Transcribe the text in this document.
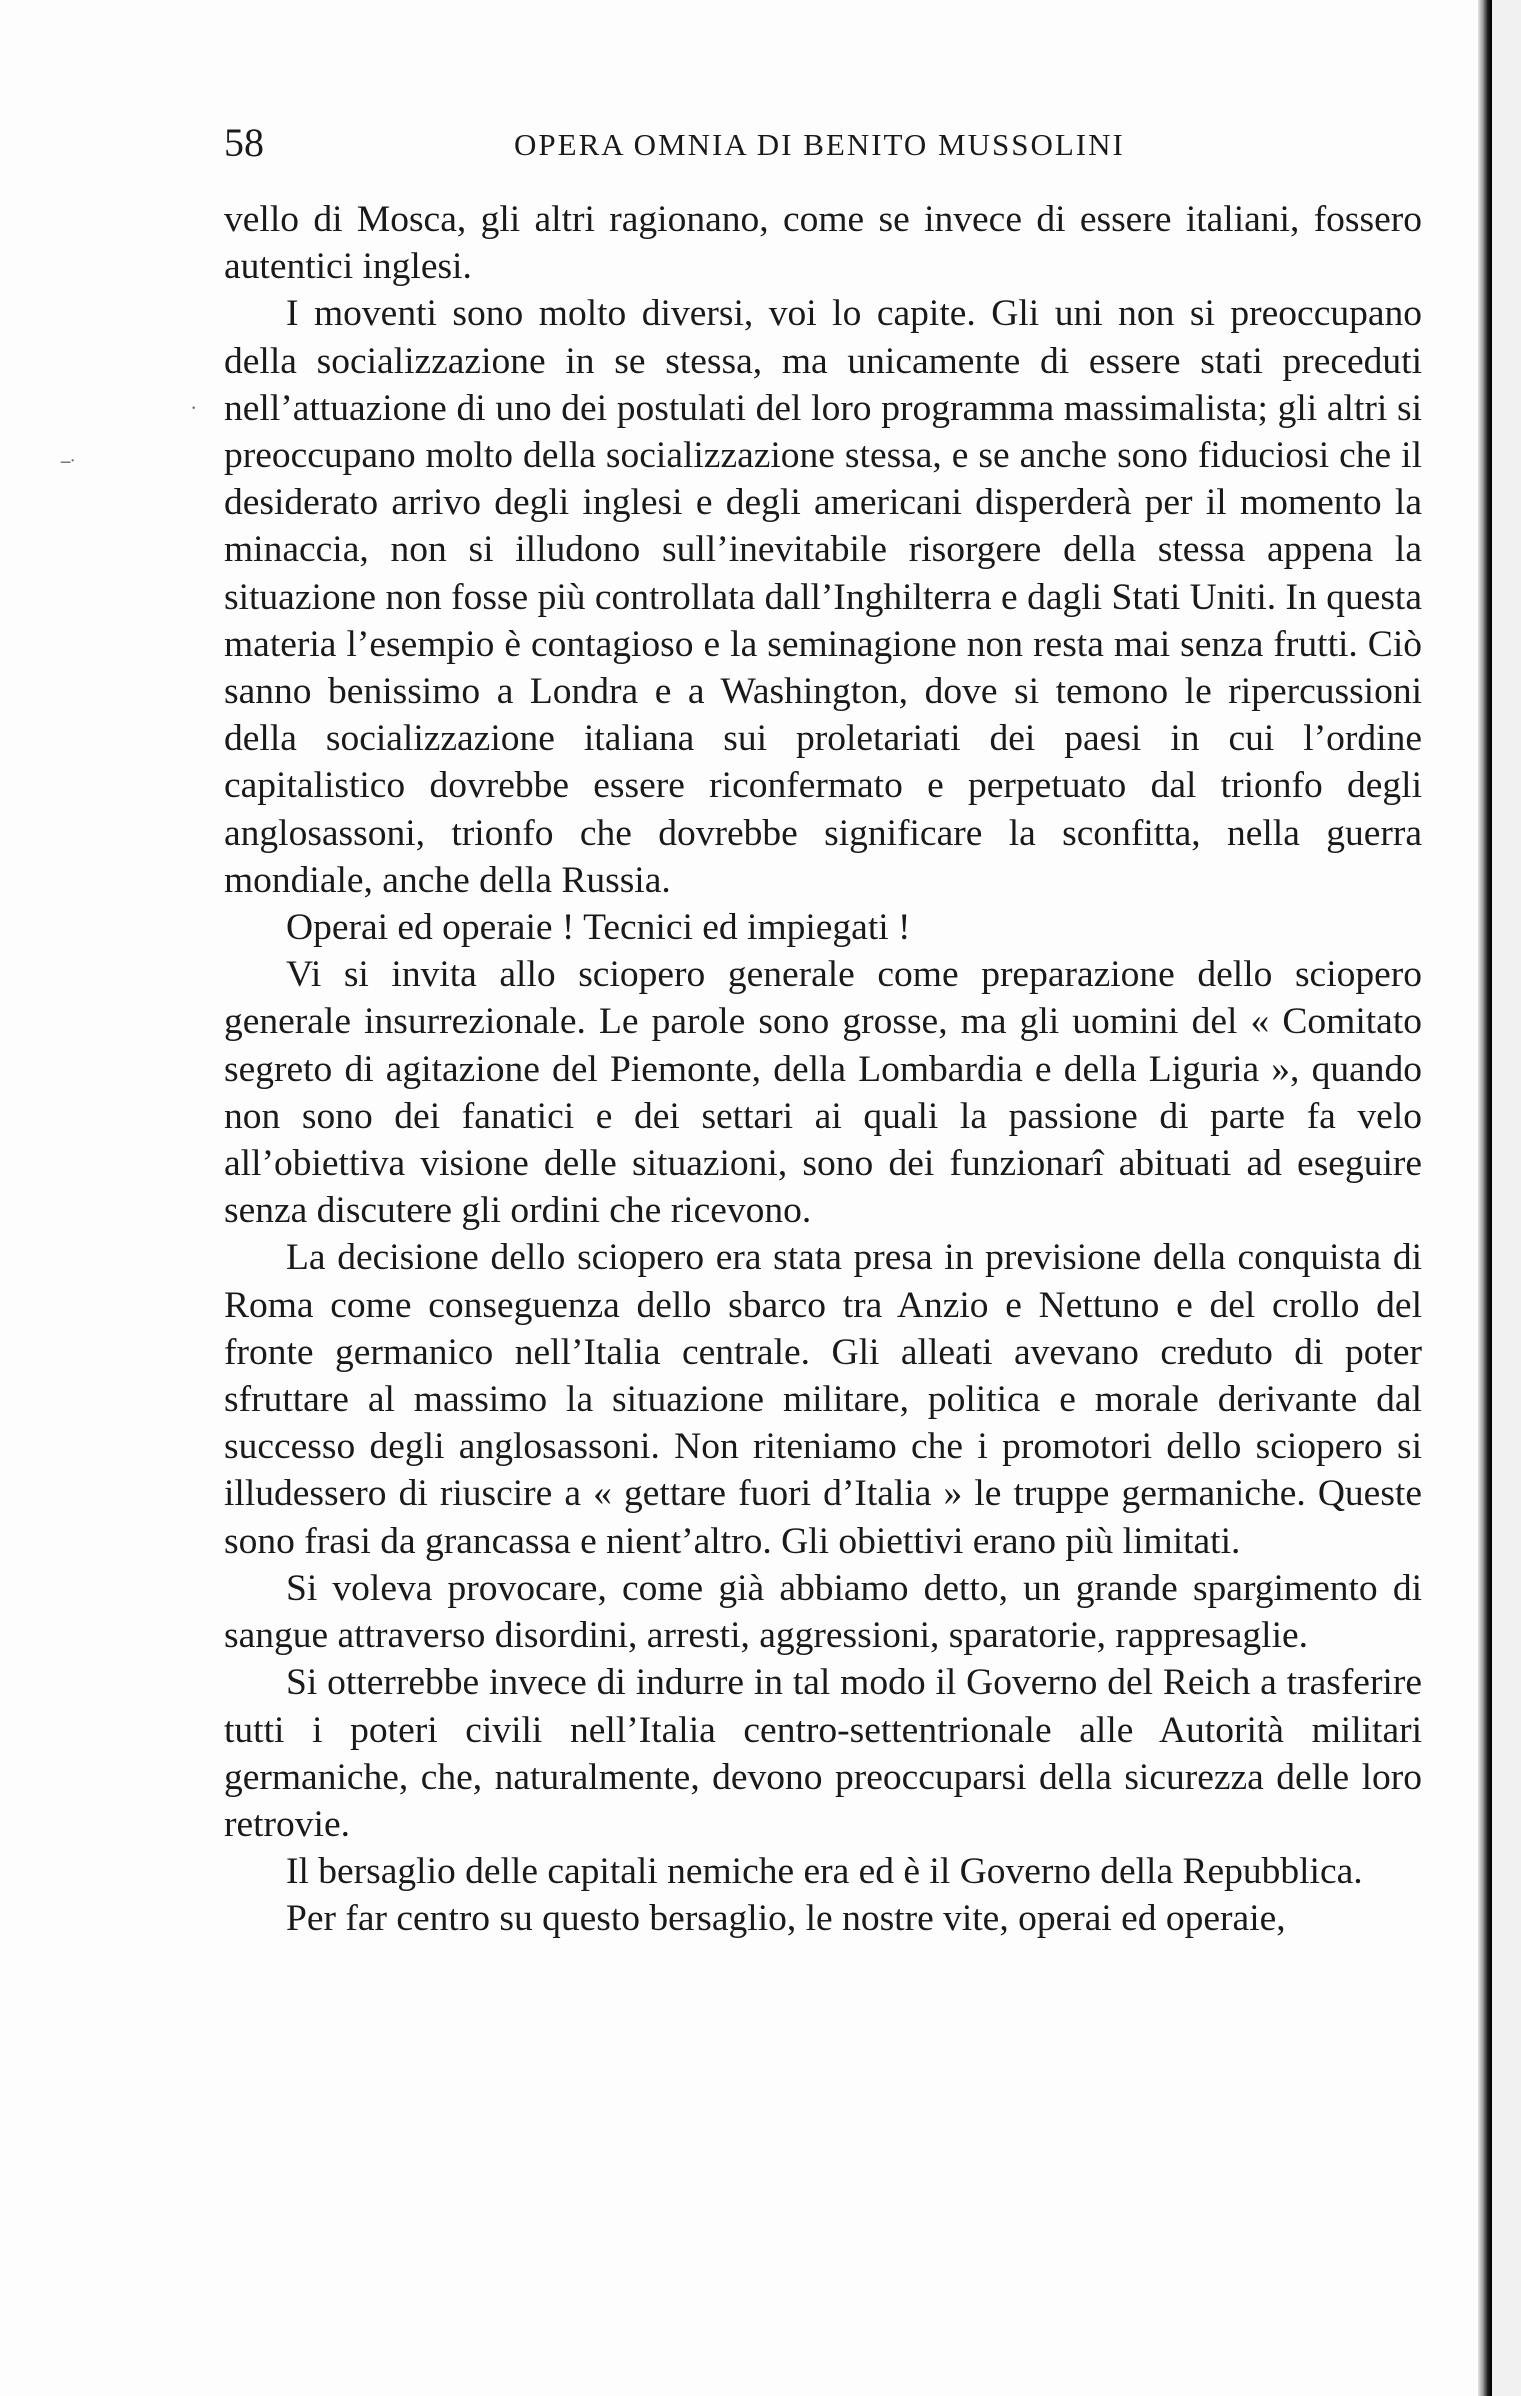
58	OPERA OMNIA DI BENITO MUSSOLINI
·
--·

vello di Mosca, gli altri ragionano, come se invece di essere italiani, fossero autentici inglesi.

I moventi sono molto diversi, voi lo capite. Gli uni non si preoccupano della socializzazione in se stessa, ma unicamente di essere stati preceduti nell’attuazione di uno dei postulati del loro programma massimalista; gli altri si preoccupano molto della socializzazione stessa, e se anche sono fiduciosi che il desiderato arrivo degli inglesi e degli americani disperderà per il momento la minaccia, non si illudono sull’inevitabile risorgere della stessa appena la situazione non fosse più controllata dall’Inghilterra e dagli Stati Uniti. In questa materia l’esempio è contagioso e la seminagione non resta mai senza frutti. Ciò sanno benissimo a Londra e a Washington, dove si temono le ripercussioni della socializzazione italiana sui proletariati dei paesi in cui l’ordine capitalistico dovrebbe essere riconfermato e perpetuato dal trionfo degli anglosassoni, trionfo che dovrebbe significare la sconfitta, nella guerra mondiale, anche della Russia.

Operai ed operaie ! Tecnici ed impiegati !

Vi si invita allo sciopero generale come preparazione dello sciopero generale insurrezionale. Le parole sono grosse, ma gli uomini del « Comitato segreto di agitazione del Piemonte, della Lombardia e della Liguria », quando non sono dei fanatici e dei settari ai quali la passione di parte fa velo all’obiettiva visione delle situazioni, sono dei funzionarî abituati ad eseguire senza discutere gli ordini che ricevono.

La decisione dello sciopero era stata presa in previsione della conquista di Roma come conseguenza dello sbarco tra Anzio e Nettuno e del crollo del fronte germanico nell’Italia centrale. Gli alleati avevano creduto di poter sfruttare al massimo la situazione militare, politica e morale derivante dal successo degli anglosassoni. Non riteniamo che i promotori dello sciopero si illudessero di riuscire a « gettare fuori d’Italia » le truppe germaniche. Queste sono frasi da grancassa e nient’altro. Gli obiettivi erano più limitati.

Si voleva provocare, come già abbiamo detto, un grande spargimento di sangue attraverso disordini, arresti, aggressioni, sparatorie, rappresaglie.

Si otterrebbe invece di indurre in tal modo il Governo del Reich a trasferire tutti i poteri civili nell’Italia centro-settentrionale alle Autorità militari germaniche, che, naturalmente, devono preoccuparsi della sicurezza delle loro retrovie.

Il bersaglio delle capitali nemiche era ed è il Governo della Repubblica.

Per far centro su questo bersaglio, le nostre vite, operai ed operaie,
